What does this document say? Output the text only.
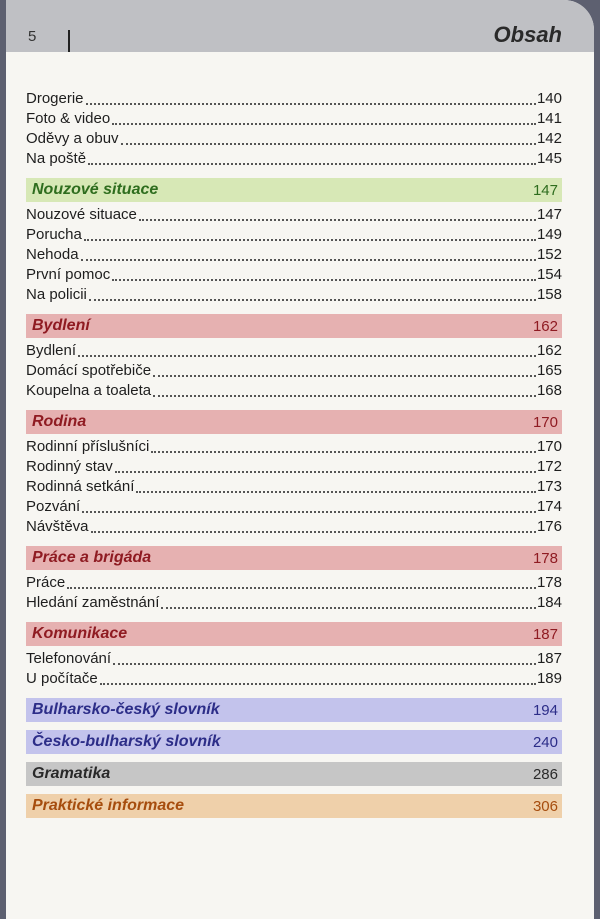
5	Obsah
Drogerie	140
Foto & video	141
Oděvy a obuv	142
Na poště	145
Nouzové situace	147
Nouzové situace	147
Porucha	149
Nehoda	152
První pomoc	154
Na policii	158
Bydlení	162
Bydlení	162
Domácí spotřebiče	165
Koupelna a toaleta	168
Rodina	170
Rodinní příslušníci	170
Rodinný stav	172
Rodinná setkání	173
Pozvání	174
Návštěva	176
Práce a brigáda	178
Práce	178
Hledání zaměstnání	184
Komunikace	187
Telefonování	187
U počítače	189
Bulharsko-český slovník	194
Česko-bulharský slovník	240
Gramatika	286
Praktické informace	306
